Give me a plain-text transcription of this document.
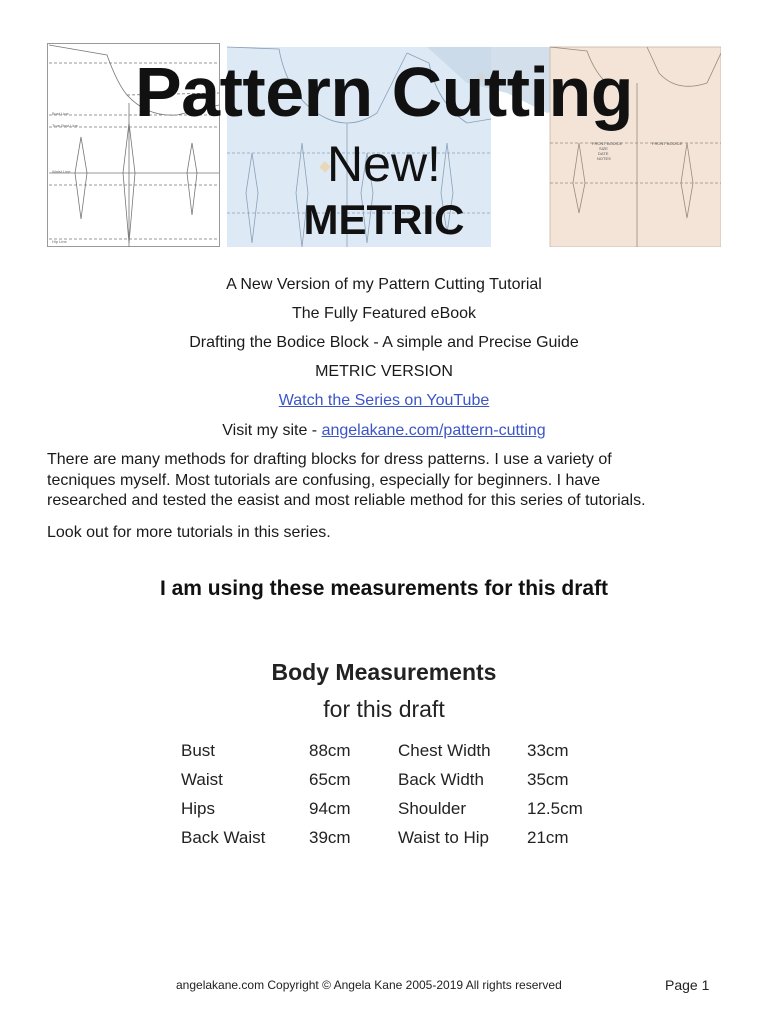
Bust Line
True Bust Line
Waist Line
Hip Line
FRONT BODICE
SIZE
DATE
NOTES
FRONT BODICE
Pattern Cutting
New!
METRIC
A New Version of my Pattern Cutting Tutorial
The Fully Featured eBook
Drafting the Bodice Block - A simple and Precise Guide
METRIC VERSION
Watch the Series on YouTube
Visit my site - angelakane.com/pattern-cutting
There are many methods for drafting blocks for dress patterns. I use a variety of
tecniques myself. Most tutorials are confusing, especially for beginners. I have
researched and tested the easist and most reliable method for this series of tutorials.
Look out for more tutorials in this series.
I am using these measurements for this draft
Body Measurements
for this draft
Bust	88cm	Chest Width 33cm
Waist	65cm	Back Width	35cm
Hips	94cm	Shoulder	12.5cm
Back Waist	39cm	Waist to Hip 21cm
angelakane.com Copyright © Angela Kane 2005-2019 All rights reserved	Page 1
